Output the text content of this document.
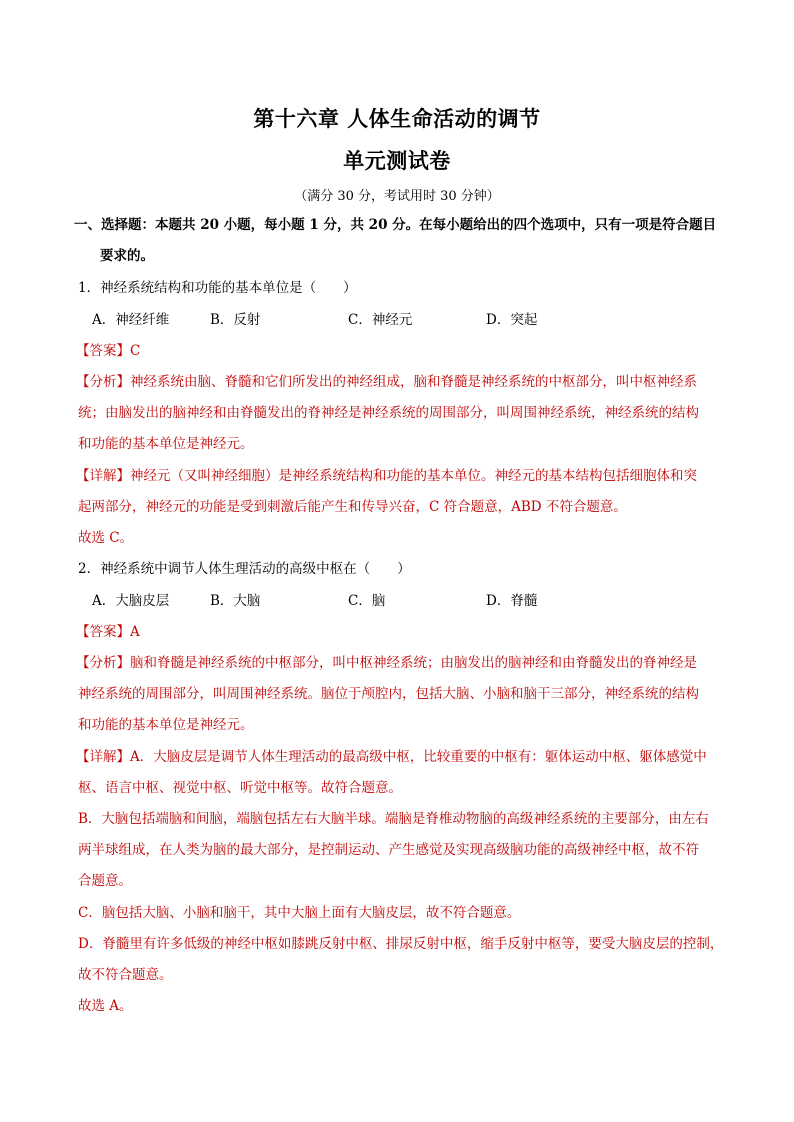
第十六章 人体生命活动的调节
单元测试卷
（满分 30 分，考试用时 30 分钟）
一、选择题：本题共 20 小题，每小题 1 分，共 20 分。在每小题给出的四个选项中，只有一项是符合题目
要求的。
1．神经系统结构和功能的基本单位是（　　）
A．神经纤维	B．反射	C．神经元	D．突起
【答案】C
【分析】神经系统由脑、脊髓和它们所发出的神经组成，脑和脊髓是神经系统的中枢部分，叫中枢神经系
统；由脑发出的脑神经和由脊髓发出的脊神经是神经系统的周围部分，叫周围神经系统，神经系统的结构
和功能的基本单位是神经元。
【详解】神经元（又叫神经细胞）是神经系统结构和功能的基本单位。神经元的基本结构包括细胞体和突
起两部分，神经元的功能是受到刺激后能产生和传导兴奋，C 符合题意，ABD 不符合题意。
故选 C。
2．神经系统中调节人体生理活动的高级中枢在（　　）
A．大脑皮层	B．大脑	C．脑	D．脊髓
【答案】A
【分析】脑和脊髓是神经系统的中枢部分，叫中枢神经系统；由脑发出的脑神经和由脊髓发出的脊神经是
神经系统的周围部分，叫周围神经系统。脑位于颅腔内，包括大脑、小脑和脑干三部分，神经系统的结构
和功能的基本单位是神经元。
【详解】A．大脑皮层是调节人体生理活动的最高级中枢，比较重要的中枢有：躯体运动中枢、躯体感觉中
枢、语言中枢、视觉中枢、听觉中枢等。故符合题意。
B．大脑包括端脑和间脑，端脑包括左右大脑半球。端脑是脊椎动物脑的高级神经系统的主要部分，由左右
两半球组成，在人类为脑的最大部分，是控制运动、产生感觉及实现高级脑功能的高级神经中枢，故不符
合题意。
C．脑包括大脑、小脑和脑干，其中大脑上面有大脑皮层，故不符合题意。
D．脊髓里有许多低级的神经中枢如膝跳反射中枢、排尿反射中枢，缩手反射中枢等，要受大脑皮层的控制，
故不符合题意。
故选 A。
